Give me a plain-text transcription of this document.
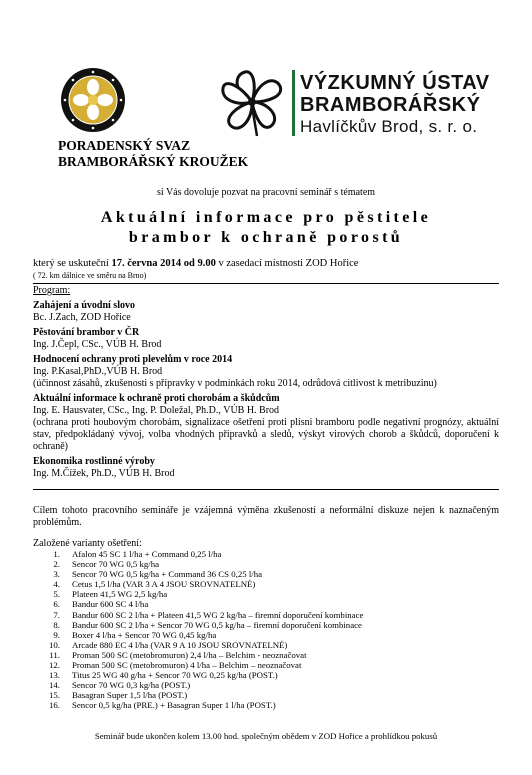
VÝZKUMNÝ ÚSTAV
BRAMBORÁŘSKÝ
Havlíčkův Brod, s. r. o.
PORADENSKÝ SVAZ
BRAMBORÁŘSKÝ KROUŽEK
si Vás dovoluje pozvat na pracovní seminář s tématem
Aktuální informace pro pěstitele
brambor k ochraně porostů
který se uskuteční 17. června 2014 od 9.00 v zasedací místnosti ZOD Hořice
( 72. km dálnice ve směru na Brno)
Program:
Zahájení a úvodní slovo
Bc. J.Zach, ZOD Hořice
Pěstování brambor v ČR
Ing. J.Čepl, CSc., VÚB H. Brod
Hodnocení ochrany proti plevelům v roce 2014
Ing. P.Kasal,PhD.,VÚB H. Brod
(účinnost zásahů, zkušenosti s přípravky v podmínkách roku 2014, odrůdová citlivost k metribuzinu)
Aktuální informace k ochraně proti chorobám a škůdcům
Ing. E. Hausvater, CSc., Ing. P. Doležal, Ph.D., VÚB H. Brod
(ochrana proti houbovým chorobám, signalizace ošetření proti plísni bramboru podle negativní prognózy, aktuální stav, předpokládaný vývoj, volba vhodných přípravků a sledů, výskyt virových chorob a škůdců, doporučení k ochraně)
Ekonomika rostlinné výroby
Ing. M.Čížek, Ph.D., VÚB H. Brod
Cílem tohoto pracovního semináře je vzájemná výměna zkušeností a neformální diskuze nejen k naznačeným problémům.
Založené varianty ošetření:
1. Afalon 45 SC 1 l/ha + Command 0,25 l/ha
2. Sencor 70 WG 0,5 kg/ha
3. Sencor 70 WG 0,5 kg/ha + Command 36 CS 0,25 l/ha
4. Cetus 1,5 l/ha (VAR 3 A 4 JSOU SROVNATELNÉ)
5. Plateen 41,5 WG 2,5 kg/ha
6. Bandur 600 SC 4 l/ha
7. Bandur 600 SC 2 l/ha + Plateen 41,5 WG 2 kg/ha – firemní doporučení kombinace
8. Bandur 600 SC 2 l/ha + Sencor 70 WG 0,5 kg/ha – firemní doporučení kombinace
9. Boxer 4 l/ha + Sencor 70 WG 0,45 kg/ha
10. Arcade 880 EC 4 l/ha (VAR 9 A 10 JSOU SROVNATELNÉ)
11. Proman 500 SC (metobromuron) 2,4 l/ha – Belchim - neoznačovat
12. Proman 500 SC (metobromuron) 4 l/ha – Belchim – neoznačovat
13. Titus 25 WG 40 g/ha + Sencor 70 WG 0,25 kg/ha (POST.)
14. Sencor 70 WG 0,3 kg/ha (POST.)
15. Basagran Super 1,5 l/ha (POST.)
16. Sencor 0,5 kg/ha (PRE.) + Basagran Super 1 l/ha (POST.)
Seminář bude ukončen kolem 13.00 hod. společným obědem v ZOD Hořice a prohlídkou pokusů
